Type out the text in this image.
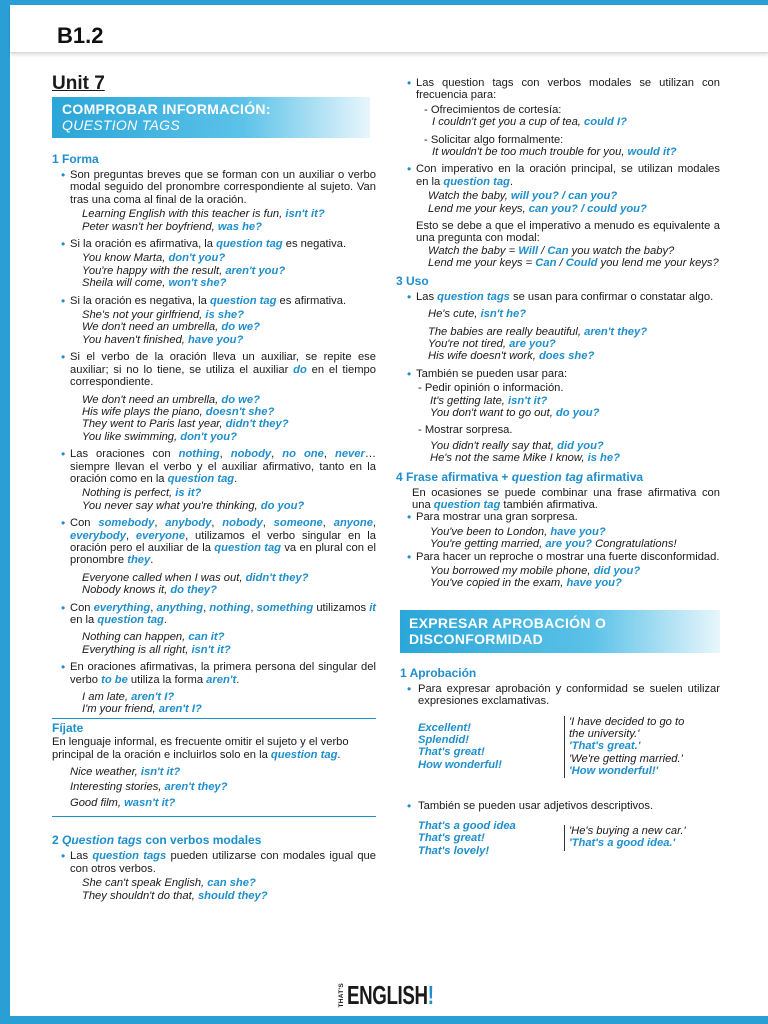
B1.2
Unit 7
COMPROBAR INFORMACIÓN:
QUESTION TAGS
1 Forma
• Son preguntas breves que se forman con un auxiliar o verbo modal seguido del pronombre correspondiente al sujeto. Van tras una coma al final de la oración.
Learning English with this teacher is fun, isn't it?
Peter wasn't her boyfriend, was he?
• Si la oración es afirmativa, la question tag es negativa.
You know Marta, don't you?
You're happy with the result, aren't you?
Sheila will come, won't she?
• Si la oración es negativa, la question tag es afirmativa.
She's not your girlfriend, is she?
We don't need an umbrella, do we?
You haven't finished, have you?
• Si el verbo de la oración lleva un auxiliar, se repite ese auxiliar; si no lo tiene, se utiliza el auxiliar do en el tiempo correspondiente.
We don't need an umbrella, do we?
His wife plays the piano, doesn't she?
They went to Paris last year, didn't they?
You like swimming, don't you?
• Las oraciones con nothing, nobody, no one, never… siempre llevan el verbo y el auxiliar afirmativo, tanto en la oración como en la question tag.
Nothing is perfect, is it?
You never say what you're thinking, do you?
• Con somebody, anybody, nobody, someone, anyone, everybody, everyone, utilizamos el verbo singular en la oración pero el auxiliar de la question tag va en plural con el pronombre they.
Everyone called when I was out, didn't they?
Nobody knows it, do they?
• Con everything, anything, nothing, something utilizamos it en la question tag.
Nothing can happen, can it?
Everything is all right, isn't it?
• En oraciones afirmativas, la primera persona del singular del verbo to be utiliza la forma aren't.
I am late, aren't I?
I'm your friend, aren't I?
Fíjate

En lenguaje informal, es frecuente omitir el sujeto y el verbo principal de la oración e incluirlos solo en la question tag.

Nice weather, isn't it?
Interesting stories, aren't they?
Good film, wasn't it?
2 Question tags con verbos modales
• Las question tags pueden utilizarse con modales igual que con otros verbos.
She can't speak English, can she?
They shouldn't do that, should they?
• Las question tags con verbos modales se utilizan con frecuencia para:
- Ofrecimientos de cortesía:
I couldn't get you a cup of tea, could I?
- Solicitar algo formalmente:
It wouldn't be too much trouble for you, would it?
• Con imperativo en la oración principal, se utilizan modales en la question tag.
Watch the baby, will you? / can you?
Lend me your keys, can you? / could you?
Esto se debe a que el imperativo a menudo es equivalente a una pregunta con modal:
Watch the baby = Will / Can you watch the baby?
Lend me your keys = Can / Could you lend me your keys?
3 Uso
• Las question tags se usan para confirmar o constatar algo.
He's cute, isn't he?
The babies are really beautiful, aren't they?
You're not tired, are you?
His wife doesn't work, does she?
• También se pueden usar para:
- Pedir opinión o información.
It's getting late, isn't it?
You don't want to go out, do you?
- Mostrar sorpresa.
You didn't really say that, did you?
He's not the same Mike I know, is he?
4 Frase afirmativa + question tag afirmativa
En ocasiones se puede combinar una frase afirmativa con una question tag también afirmativa.
• Para mostrar una gran sorpresa.
You've been to London, have you?
You're getting married, are you? Congratulations!
• Para hacer un reproche o mostrar una fuerte disconformidad.
You borrowed my mobile phone, did you?
You've copied in the exam, have you?
EXPRESAR APROBACIÓN O
DISCONFORMIDAD
1 Aprobación
• Para expresar aprobación y conformidad se suelen utilizar expresiones exclamativas.
Excellent!
Splendid!
That's great!
How wonderful!
'I have decided to go to
the university.'
'That's great.'
'We're getting married.'
'How wonderful!'
• También se pueden usar adjetivos descriptivos.
That's a good idea
That's great!
That's lovely!
'He's buying a new car.'
'That's a good idea.'
THAT'S ENGLISH!
